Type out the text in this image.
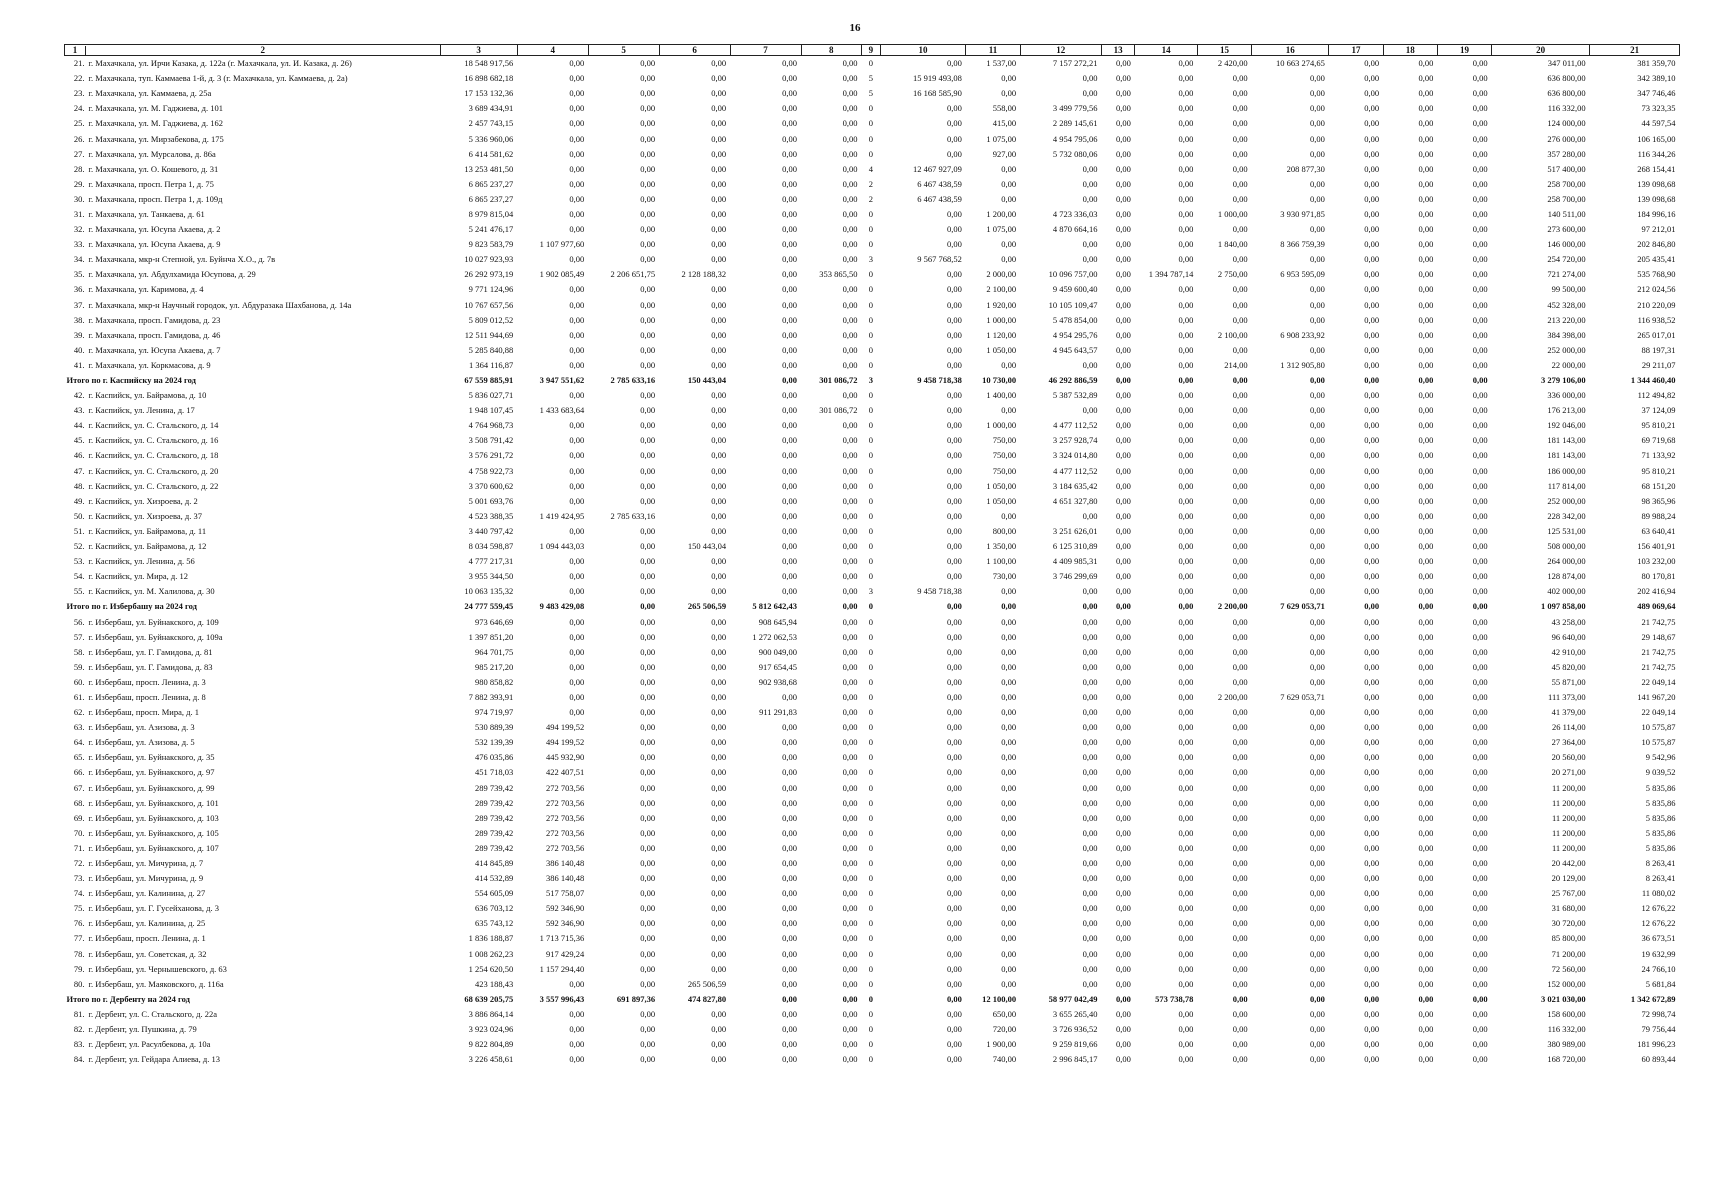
16
1 2	3	4	5	6	7	8	9	10	11	12	13	14	15	16	17	18	19	20	21
21. г. Махачкала, ул. Ирчи Казака, д. 122а (г. Махачкала, ул. И. Казака, д. 26)	18 548 917,56	0,00	0,00	0,00	0,00	0,00	0	0,00	1 537,00	7 157 272,21	0,00	0,00	2 420,00	10 663 274,65	0,00	0,00	0,00	347 011,00	381 359,70
22. г. Махачкала, туп. Каммаева 1-й, д. 3 (г. Махачкала, ул. Каммаева, д. 2а)	16 898 682,18	0,00	0,00	0,00	0,00	0,00	5	15 919 493,08	0,00	0,00	0,00	0,00	0,00	0,00	0,00	0,00	0,00	636 800,00	342 389,10
23. г. Махачкала, ул. Каммаева, д. 25а	17 153 132,36	0,00	0,00	0,00	0,00	0,00	5	16 168 585,90	0,00	0,00	0,00	0,00	0,00	0,00	0,00	0,00	0,00	636 800,00	347 746,46
24. г. Махачкала, ул. М. Гаджиева, д. 101	3 689 434,91	0,00	0,00	0,00	0,00	0,00	0	0,00	558,00	3 499 779,56	0,00	0,00	0,00	0,00	0,00	0,00	0,00	116 332,00	73 323,35
25. г. Махачкала, ул. М. Гаджиева, д. 162	2 457 743,15	0,00	0,00	0,00	0,00	0,00	0	0,00	415,00	2 289 145,61	0,00	0,00	0,00	0,00	0,00	0,00	0,00	124 000,00	44 597,54
26. г. Махачкала, ул. Мирзабекова, д. 175	5 336 960,06	0,00	0,00	0,00	0,00	0,00	0	0,00	1 075,00	4 954 795,06	0,00	0,00	0,00	0,00	0,00	0,00	0,00	276 000,00	106 165,00
27. г. Махачкала, ул. Мурсалова, д. 86а	6 414 581,62	0,00	0,00	0,00	0,00	0,00	0	0,00	927,00	5 732 080,06	0,00	0,00	0,00	0,00	0,00	0,00	0,00	357 280,00	116 344,26
28. г. Махачкала, ул. О. Кошевого, д. 31	13 253 481,50	0,00	0,00	0,00	0,00	0,00	4	12 467 927,09	0,00	0,00	0,00	0,00	0,00	208 877,30	0,00	0,00	0,00	517 400,00	268 154,41
29. г. Махачкала, просп. Петра 1, д. 75	6 865 237,27	0,00	0,00	0,00	0,00	0,00	2	6 467 438,59	0,00	0,00	0,00	0,00	0,00	0,00	0,00	0,00	0,00	258 700,00	139 098,68
30. г. Махачкала, просп. Петра 1, д. 109д	6 865 237,27	0,00	0,00	0,00	0,00	0,00	2	6 467 438,59	0,00	0,00	0,00	0,00	0,00	0,00	0,00	0,00	0,00	258 700,00	139 098,68
31. г. Махачкала, ул. Танкаева, д. 61	8 979 815,04	0,00	0,00	0,00	0,00	0,00	0	0,00	1 200,00	4 723 336,03	0,00	0,00	1 000,00	3 930 971,85	0,00	0,00	0,00	140 511,00	184 996,16
32. г. Махачкала, ул. Юсупа Акаева, д. 2	5 241 476,17	0,00	0,00	0,00	0,00	0,00	0	0,00	1 075,00	4 870 664,16	0,00	0,00	0,00	0,00	0,00	0,00	0,00	273 600,00	97 212,01
33. г. Махачкала, ул. Юсупа Акаева, д. 9	9 823 583,79	1 107 977,60	0,00	0,00	0,00	0,00	0	0,00	0,00	0,00	0,00	0,00	1 840,00	8 366 759,39	0,00	0,00	0,00	146 000,00	202 846,80
34. г. Махачкала, мкр-н Степной, ул. Буйнча Х.О., д. 7в	10 027 923,93	0,00	0,00	0,00	0,00	0,00	3	9 567 768,52	0,00	0,00	0,00	0,00	0,00	0,00	0,00	0,00	0,00	254 720,00	205 435,41
35. г. Махачкала, ул. Абдулхамида Юсупова, д. 29	26 292 973,19	1 902 085,49	2 206 651,75	2 128 188,32	0,00	353 865,50	0	0,00	2 000,00	10 096 757,00	0,00	1 394 787,14	2 750,00	6 953 595,09	0,00	0,00	0,00	721 274,00	535 768,90
36. г. Махачкала, ул. Каримова, д. 4	9 771 124,96	0,00	0,00	0,00	0,00	0,00	0	0,00	2 100,00	9 459 600,40	0,00	0,00	0,00	0,00	0,00	0,00	0,00	99 500,00	212 024,56
37. г. Махачкала, мкр-н Научный городок, ул. Абдуразака Шахбанова, д. 14а	10 767 657,56	0,00	0,00	0,00	0,00	0,00	0	0,00	1 920,00	10 105 109,47	0,00	0,00	0,00	0,00	0,00	0,00	0,00	452 328,00	210 220,09
38. г. Махачкала, просп. Гамидова, д. 23	5 809 012,52	0,00	0,00	0,00	0,00	0,00	0	0,00	1 000,00	5 478 854,00	0,00	0,00	0,00	0,00	0,00	0,00	0,00	213 220,00	116 938,52
39. г. Махачкала, просп. Гамидова, д. 46	12 511 944,69	0,00	0,00	0,00	0,00	0,00	0	0,00	1 120,00	4 954 295,76	0,00	0,00	2 100,00	6 908 233,92	0,00	0,00	0,00	384 398,00	265 017,01
40. г. Махачкала, ул. Юсупа Акаева, д. 7	5 285 840,88	0,00	0,00	0,00	0,00	0,00	0	0,00	1 050,00	4 945 643,57	0,00	0,00	0,00	0,00	0,00	0,00	0,00	252 000,00	88 197,31
41. г. Махачкала, ул. Коркмасова, д. 9	1 364 116,87	0,00	0,00	0,00	0,00	0,00	0	0,00	0,00	0,00	0,00	0,00	214,00	1 312 905,80	0,00	0,00	0,00	22 000,00	29 211,07
Итого по г. Каспийску на 2024 год	67 559 885,91	3 947 551,62	2 785 633,16	150 443,04	0,00	301 086,72	3	9 458 718,38	10 730,00	46 292 886,59	0,00	0,00	0,00	0,00	0,00	0,00	0,00	3 279 106,00	1 344 460,40
42. г. Каспийск, ул. Байрамова, д. 10	5 836 027,71	0,00	0,00	0,00	0,00	0,00	0	0,00	1 400,00	5 387 532,89	0,00	0,00	0,00	0,00	0,00	0,00	0,00	336 000,00	112 494,82
43. г. Каспийск, ул. Ленина, д. 17	1 948 107,45	1 433 683,64	0,00	0,00	0,00	301 086,72	0	0,00	0,00	0,00	0,00	0,00	0,00	0,00	0,00	0,00	0,00	176 213,00	37 124,09
44. г. Каспийск, ул. С. Стальского, д. 14	4 764 968,73	0,00	0,00	0,00	0,00	0,00	0	0,00	1 000,00	4 477 112,52	0,00	0,00	0,00	0,00	0,00	0,00	0,00	192 046,00	95 810,21
45. г. Каспийск, ул. С. Стальского, д. 16	3 508 791,42	0,00	0,00	0,00	0,00	0,00	0	0,00	750,00	3 257 928,74	0,00	0,00	0,00	0,00	0,00	0,00	0,00	181 143,00	69 719,68
46. г. Каспийск, ул. С. Стальского, д. 18	3 576 291,72	0,00	0,00	0,00	0,00	0,00	0	0,00	750,00	3 324 014,80	0,00	0,00	0,00	0,00	0,00	0,00	0,00	181 143,00	71 133,92
47. г. Каспийск, ул. С. Стальского, д. 20	4 758 922,73	0,00	0,00	0,00	0,00	0,00	0	0,00	750,00	4 477 112,52	0,00	0,00	0,00	0,00	0,00	0,00	0,00	186 000,00	95 810,21
48. г. Каспийск, ул. С. Стальского, д. 22	3 370 600,62	0,00	0,00	0,00	0,00	0,00	0	0,00	1 050,00	3 184 635,42	0,00	0,00	0,00	0,00	0,00	0,00	0,00	117 814,00	68 151,20
49. г. Каспийск, ул. Хизроева, д. 2	5 001 693,76	0,00	0,00	0,00	0,00	0,00	0	0,00	1 050,00	4 651 327,80	0,00	0,00	0,00	0,00	0,00	0,00	0,00	252 000,00	98 365,96
50. г. Каспийск, ул. Хизроева, д. 37	4 523 388,35	1 419 424,95	2 785 633,16	0,00	0,00	0,00	0	0,00	0,00	0,00	0,00	0,00	0,00	0,00	0,00	0,00	0,00	228 342,00	89 988,24
51. г. Каспийск, ул. Байрамова, д. 11	3 440 797,42	0,00	0,00	0,00	0,00	0,00	0	0,00	800,00	3 251 626,01	0,00	0,00	0,00	0,00	0,00	0,00	0,00	125 531,00	63 640,41
52. г. Каспийск, ул. Байрамова, д. 12	8 034 598,87	1 094 443,03	0,00	150 443,04	0,00	0,00	0	0,00	1 350,00	6 125 310,89	0,00	0,00	0,00	0,00	0,00	0,00	0,00	508 000,00	156 401,91
53. г. Каспийск, ул. Ленина, д. 56	4 777 217,31	0,00	0,00	0,00	0,00	0,00	0	0,00	1 100,00	4 409 985,31	0,00	0,00	0,00	0,00	0,00	0,00	0,00	264 000,00	103 232,00
54. г. Каспийск, ул. Мира, д. 12	3 955 344,50	0,00	0,00	0,00	0,00	0,00	0	0,00	730,00	3 746 299,69	0,00	0,00	0,00	0,00	0,00	0,00	0,00	128 874,00	80 170,81
55. г. Каспийск, ул. М. Халилова, д. 30	10 063 135,32	0,00	0,00	0,00	0,00	0,00	3	9 458 718,38	0,00	0,00	0,00	0,00	0,00	0,00	0,00	0,00	0,00	402 000,00	202 416,94
Итого по г. Избербашу на 2024 год	24 777 559,45	9 483 429,08	0,00	265 506,59	5 812 642,43	0,00	0	0,00	0,00	0,00	0,00	0,00	2 200,00	7 629 053,71	0,00	0,00	0,00	1 097 858,00	489 069,64
56. г. Избербаш, ул. Буйнакского, д. 109	973 646,69	0,00	0,00	0,00	908 645,94	0,00	0	0,00	0,00	0,00	0,00	0,00	0,00	0,00	0,00	0,00	0,00	43 258,00	21 742,75
57. г. Избербаш, ул. Буйнакского, д. 109а	1 397 851,20	0,00	0,00	0,00	1 272 062,53	0,00	0	0,00	0,00	0,00	0,00	0,00	0,00	0,00	0,00	0,00	0,00	96 640,00	29 148,67
58. г. Избербаш, ул. Г. Гамидова, д. 81	964 701,75	0,00	0,00	0,00	900 049,00	0,00	0	0,00	0,00	0,00	0,00	0,00	0,00	0,00	0,00	0,00	0,00	42 910,00	21 742,75
59. г. Избербаш, ул. Г. Гамидова, д. 83	985 217,20	0,00	0,00	0,00	917 654,45	0,00	0	0,00	0,00	0,00	0,00	0,00	0,00	0,00	0,00	0,00	0,00	45 820,00	21 742,75
60. г. Избербаш, просп. Ленина, д. 3	980 858,82	0,00	0,00	0,00	902 938,68	0,00	0	0,00	0,00	0,00	0,00	0,00	0,00	0,00	0,00	0,00	0,00	55 871,00	22 049,14
61. г. Избербаш, просп. Ленина, д. 8	7 882 393,91	0,00	0,00	0,00	0,00	0,00	0	0,00	0,00	0,00	0,00	0,00	2 200,00	7 629 053,71	0,00	0,00	0,00	111 373,00	141 967,20
62. г. Избербаш, просп. Мира, д. 1	974 719,97	0,00	0,00	0,00	911 291,83	0,00	0	0,00	0,00	0,00	0,00	0,00	0,00	0,00	0,00	0,00	0,00	41 379,00	22 049,14
63. г. Избербаш, ул. Азизова, д. 3	530 889,39	494 199,52	0,00	0,00	0,00	0,00	0	0,00	0,00	0,00	0,00	0,00	0,00	0,00	0,00	0,00	0,00	26 114,00	10 575,87
64. г. Избербаш, ул. Азизова, д. 5	532 139,39	494 199,52	0,00	0,00	0,00	0,00	0	0,00	0,00	0,00	0,00	0,00	0,00	0,00	0,00	0,00	0,00	27 364,00	10 575,87
65. г. Избербаш, ул. Буйнакского, д. 35	476 035,86	445 932,90	0,00	0,00	0,00	0,00	0	0,00	0,00	0,00	0,00	0,00	0,00	0,00	0,00	0,00	0,00	20 560,00	9 542,96
66. г. Избербаш, ул. Буйнакского, д. 97	451 718,03	422 407,51	0,00	0,00	0,00	0,00	0	0,00	0,00	0,00	0,00	0,00	0,00	0,00	0,00	0,00	0,00	20 271,00	9 039,52
67. г. Избербаш, ул. Буйнакского, д. 99	289 739,42	272 703,56	0,00	0,00	0,00	0,00	0	0,00	0,00	0,00	0,00	0,00	0,00	0,00	0,00	0,00	0,00	11 200,00	5 835,86
68. г. Избербаш, ул. Буйнакского, д. 101	289 739,42	272 703,56	0,00	0,00	0,00	0,00	0	0,00	0,00	0,00	0,00	0,00	0,00	0,00	0,00	0,00	0,00	11 200,00	5 835,86
69. г. Избербаш, ул. Буйнакского, д. 103	289 739,42	272 703,56	0,00	0,00	0,00	0,00	0	0,00	0,00	0,00	0,00	0,00	0,00	0,00	0,00	0,00	0,00	11 200,00	5 835,86
70. г. Избербаш, ул. Буйнакского, д. 105	289 739,42	272 703,56	0,00	0,00	0,00	0,00	0	0,00	0,00	0,00	0,00	0,00	0,00	0,00	0,00	0,00	0,00	11 200,00	5 835,86
71. г. Избербаш, ул. Буйнакского, д. 107	289 739,42	272 703,56	0,00	0,00	0,00	0,00	0	0,00	0,00	0,00	0,00	0,00	0,00	0,00	0,00	0,00	0,00	11 200,00	5 835,86
72. г. Избербаш, ул. Мичурина, д. 7	414 845,89	386 140,48	0,00	0,00	0,00	0,00	0	0,00	0,00	0,00	0,00	0,00	0,00	0,00	0,00	0,00	0,00	20 442,00	8 263,41
73. г. Избербаш, ул. Мичурина, д. 9	414 532,89	386 140,48	0,00	0,00	0,00	0,00	0	0,00	0,00	0,00	0,00	0,00	0,00	0,00	0,00	0,00	0,00	20 129,00	8 263,41
74. г. Избербаш, ул. Калинина, д. 27	554 605,09	517 758,07	0,00	0,00	0,00	0,00	0	0,00	0,00	0,00	0,00	0,00	0,00	0,00	0,00	0,00	0,00	25 767,00	11 080,02
75. г. Избербаш, ул. Г. Гусейханова, д. 3	636 703,12	592 346,90	0,00	0,00	0,00	0,00	0	0,00	0,00	0,00	0,00	0,00	0,00	0,00	0,00	0,00	0,00	31 680,00	12 676,22
76. г. Избербаш, ул. Калинина, д. 25	635 743,12	592 346,90	0,00	0,00	0,00	0,00	0	0,00	0,00	0,00	0,00	0,00	0,00	0,00	0,00	0,00	0,00	30 720,00	12 676,22
77. г. Избербаш, просп. Ленина, д. 1	1 836 188,87	1 713 715,36	0,00	0,00	0,00	0,00	0	0,00	0,00	0,00	0,00	0,00	0,00	0,00	0,00	0,00	0,00	85 800,00	36 673,51
78. г. Избербаш, ул. Советская, д. 32	1 008 262,23	917 429,24	0,00	0,00	0,00	0,00	0	0,00	0,00	0,00	0,00	0,00	0,00	0,00	0,00	0,00	0,00	71 200,00	19 632,99
79. г. Избербаш, ул. Чернышевского, д. 63	1 254 620,50	1 157 294,40	0,00	0,00	0,00	0,00	0	0,00	0,00	0,00	0,00	0,00	0,00	0,00	0,00	0,00	0,00	72 560,00	24 766,10
80. г. Избербаш, ул. Маяковского, д. 116а	423 188,43	0,00	0,00	265 506,59	0,00	0,00	0	0,00	0,00	0,00	0,00	0,00	0,00	0,00	0,00	0,00	0,00	152 000,00	5 681,84
Итого по г. Дербенту на 2024 год	68 639 205,75	3 557 996,43	691 897,36	474 827,80	0,00	0,00	0	0,00	12 100,00	58 977 042,49	0,00	573 738,78	0,00	0,00	0,00	0,00	0,00	3 021 030,00	1 342 672,89
81. г. Дербент, ул. С. Стальского, д. 22а	3 886 864,14	0,00	0,00	0,00	0,00	0,00	0	0,00	650,00	3 655 265,40	0,00	0,00	0,00	0,00	0,00	0,00	0,00	158 600,00	72 998,74
82. г. Дербент, ул. Пушкина, д. 79	3 923 024,96	0,00	0,00	0,00	0,00	0,00	0	0,00	720,00	3 726 936,52	0,00	0,00	0,00	0,00	0,00	0,00	0,00	116 332,00	79 756,44
83. г. Дербент, ул. Расулбекова, д. 10а	9 822 804,89	0,00	0,00	0,00	0,00	0,00	0	0,00	1 900,00	9 259 819,66	0,00	0,00	0,00	0,00	0,00	0,00	0,00	380 989,00	181 996,23
84. г. Дербент, ул. Гейдара Алиева, д. 13	3 226 458,61	0,00	0,00	0,00	0,00	0,00	0	0,00	740,00	2 996 845,17	0,00	0,00	0,00	0,00	0,00	0,00	0,00	168 720,00	60 893,44
